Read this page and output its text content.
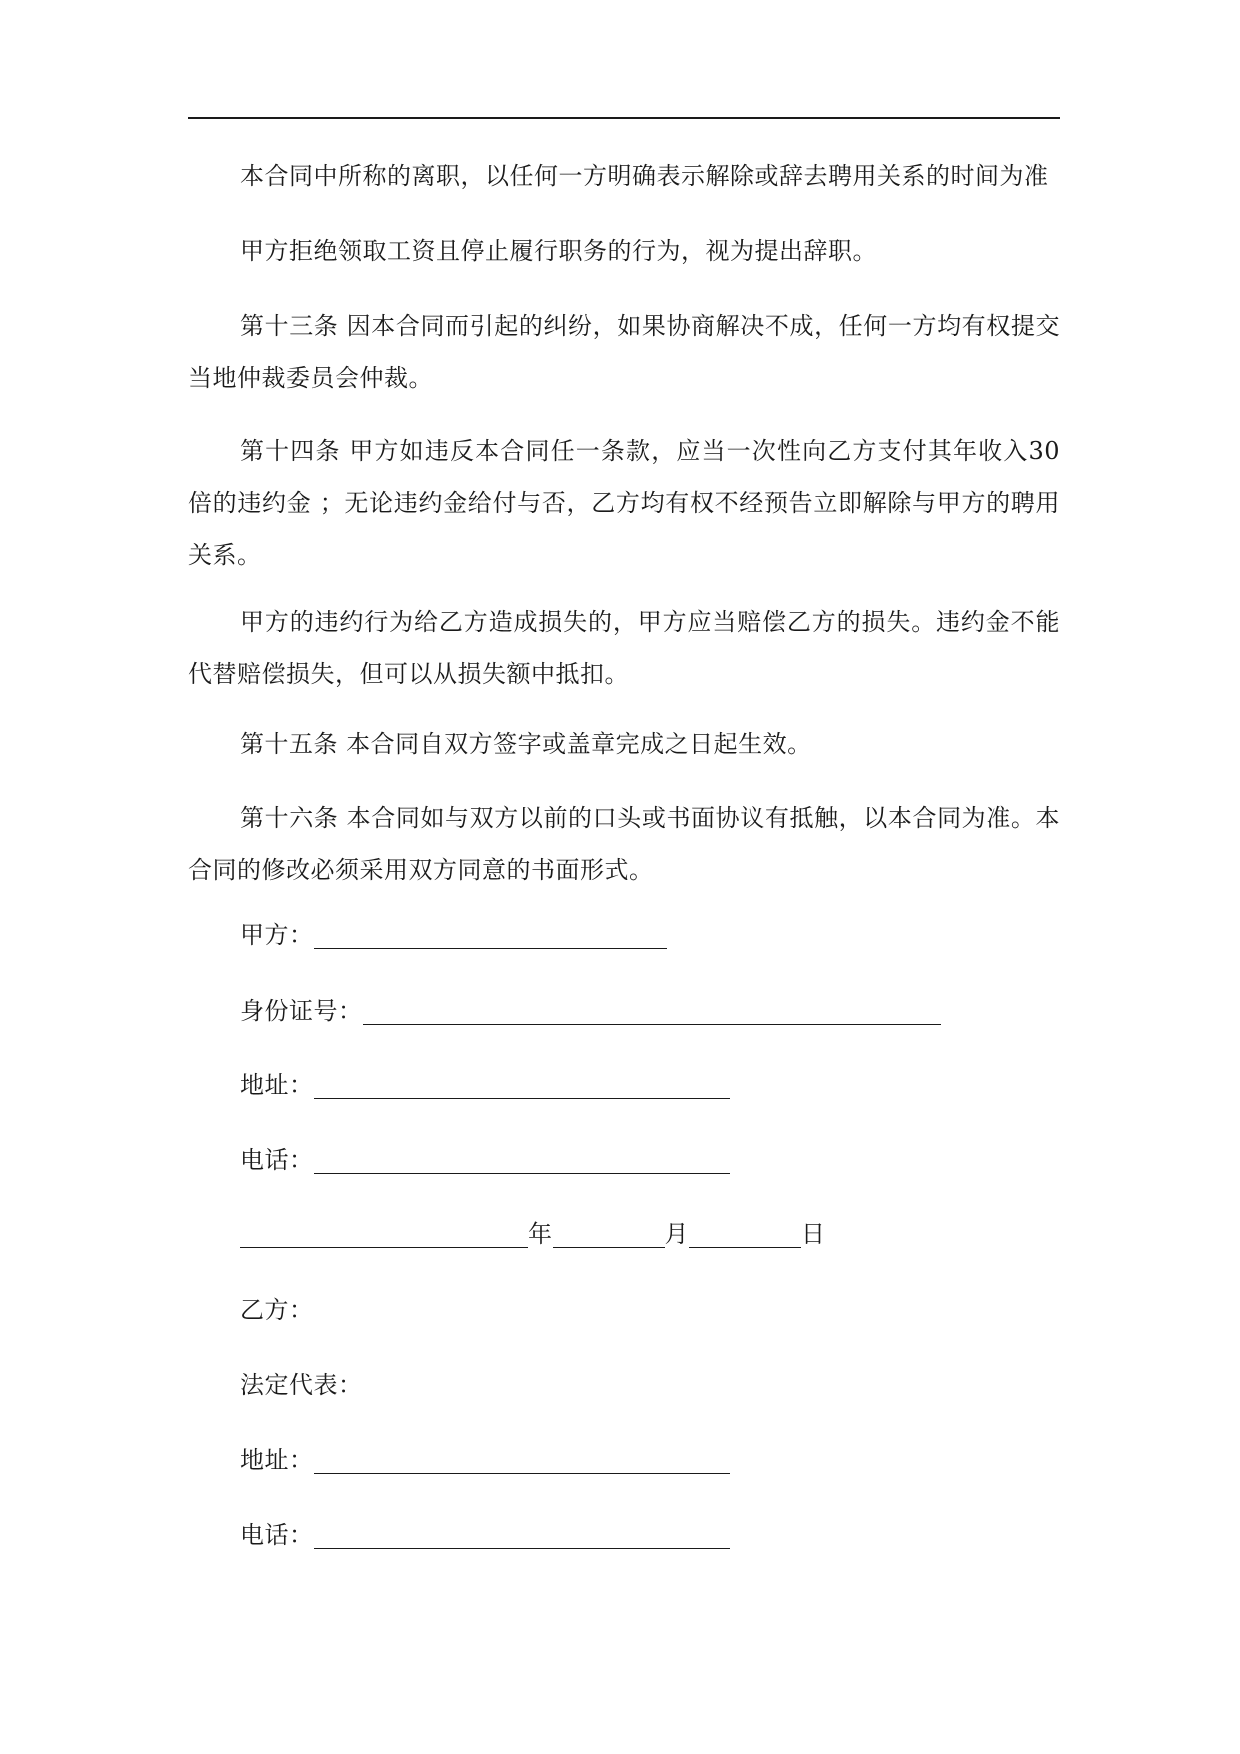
本合同中所称的离职，以任何一方明确表示解除或辞去聘用关系的时间为准

甲方拒绝领取工资且停止履行职务的行为，视为提出辞职。

第十三条 因本合同而引起的纠纷，如果协商解决不成，任何一方均有权提交当地仲裁委员会仲裁。

第十四条 甲方如违反本合同任一条款，应当一次性向乙方支付其年收入30倍的违约金 ；无论违约金给付与否，乙方均有权不经预告立即解除与甲方的聘用关系。

甲方的违约行为给乙方造成损失的，甲方应当赔偿乙方的损失。违约金不能代替赔偿损失，但可以从损失额中抵扣。

第十五条 本合同自双方签字或盖章完成之日起生效。

第十六条 本合同如与双方以前的口头或书面协议有抵触，以本合同为准。本合同的修改必须采用双方同意的书面形式。

甲方：
身份证号：
地址：
电话：
年	月	日
乙方：
法定代表：
地址：
电话：
